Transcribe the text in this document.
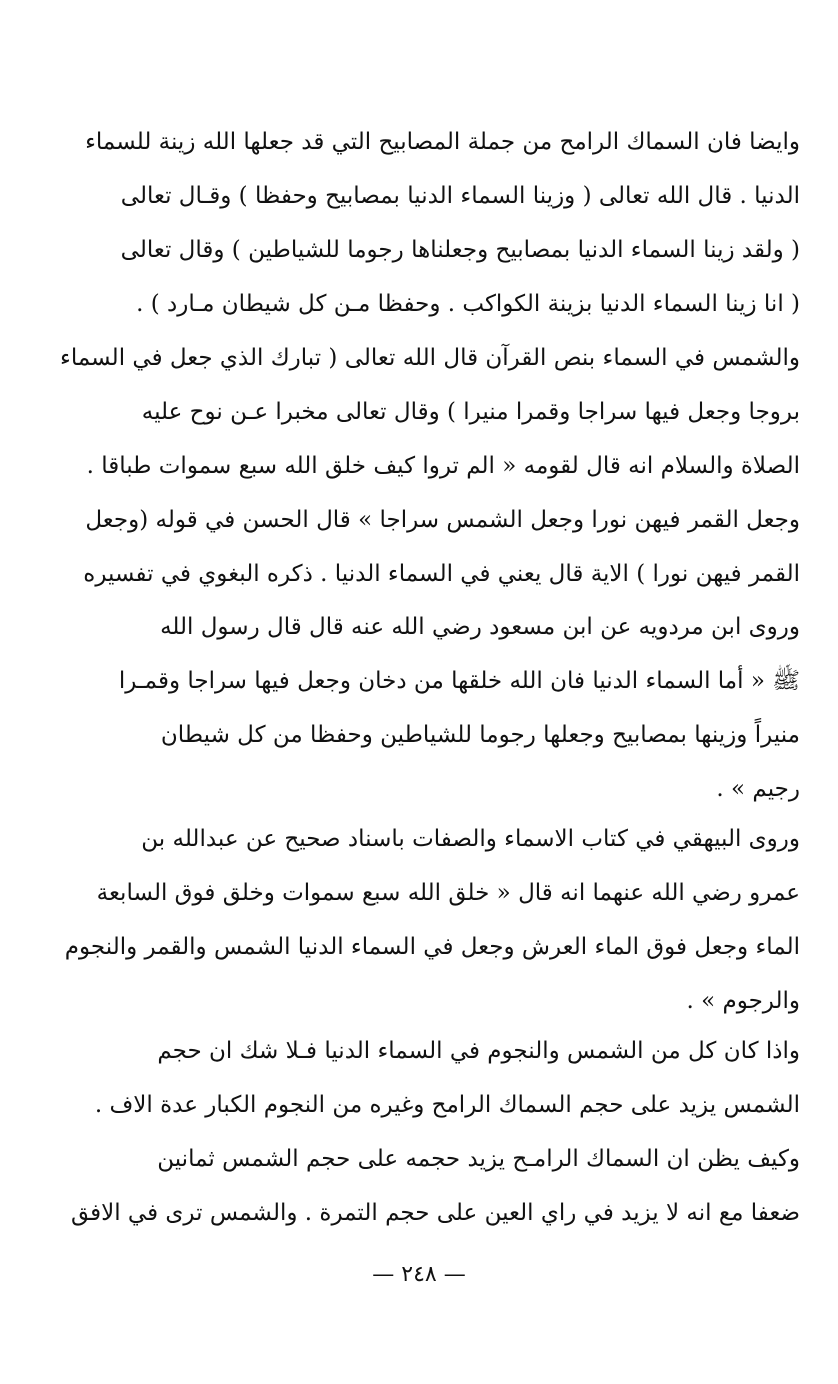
وايضا فان السماك الرامح من جملة المصابيح التي قد جعلها الله زينة للسماء
الدنيا . قال الله تعالى ( وزينا السماء الدنيا بمصابيح وحفظا ) وقـال تعالى
( ولقد زينا السماء الدنيا بمصابيح وجعلناها رجوما للشياطين ) وقال تعالى
( انا زينا السماء الدنيا بزينة الكواكب . وحفظا مـن كل شيطان مـارد ) .
والشمس في السماء بنص القرآن قال الله تعالى ( تبارك الذي جعل في السماء
بروجا وجعل فيها سراجا وقمرا منيرا ) وقال تعالى مخبرا عـن نوح عليه
الصلاة والسلام انه قال لقومه « الم تروا كيف خلق الله سبع سموات طباقا .
وجعل القمر فيهن نورا وجعل الشمس سراجا » قال الحسن في قوله (وجعل
القمر فيهن نورا ) الاية قال يعني في السماء الدنيا . ذكره البغوي في تفسيره
وروى ابن مردويه عن ابن مسعود رضي الله عنه قال قال رسول الله
ﷺ « أما السماء الدنيا فان الله خلقها من دخان وجعل فيها سراجا وقمـرا
منيراً وزينها بمصابيح وجعلها رجوما للشياطين وحفظا من كل شيطان
رجيم » .
وروى البيهقي في كتاب الاسماء والصفات باسناد صحيح عن عبدالله بن
عمرو رضي الله عنهما انه قال « خلق الله سبع سموات وخلق فوق السابعة
الماء وجعل فوق الماء العرش وجعل في السماء الدنيا الشمس والقمر والنجوم
والرجوم » .
واذا كان كل من الشمس والنجوم في السماء الدنيا فـلا شك ان حجم
الشمس يزيد على حجم السماك الرامح وغيره من النجوم الكبار عدة الاف .
وكيف يظن ان السماك الرامـح يزيد حجمه على حجم الشمس ثمانين
ضعفا مع انه لا يزيد في راي العين على حجم التمرة . والشمس ترى في الافق
— ٢٤٨ —
